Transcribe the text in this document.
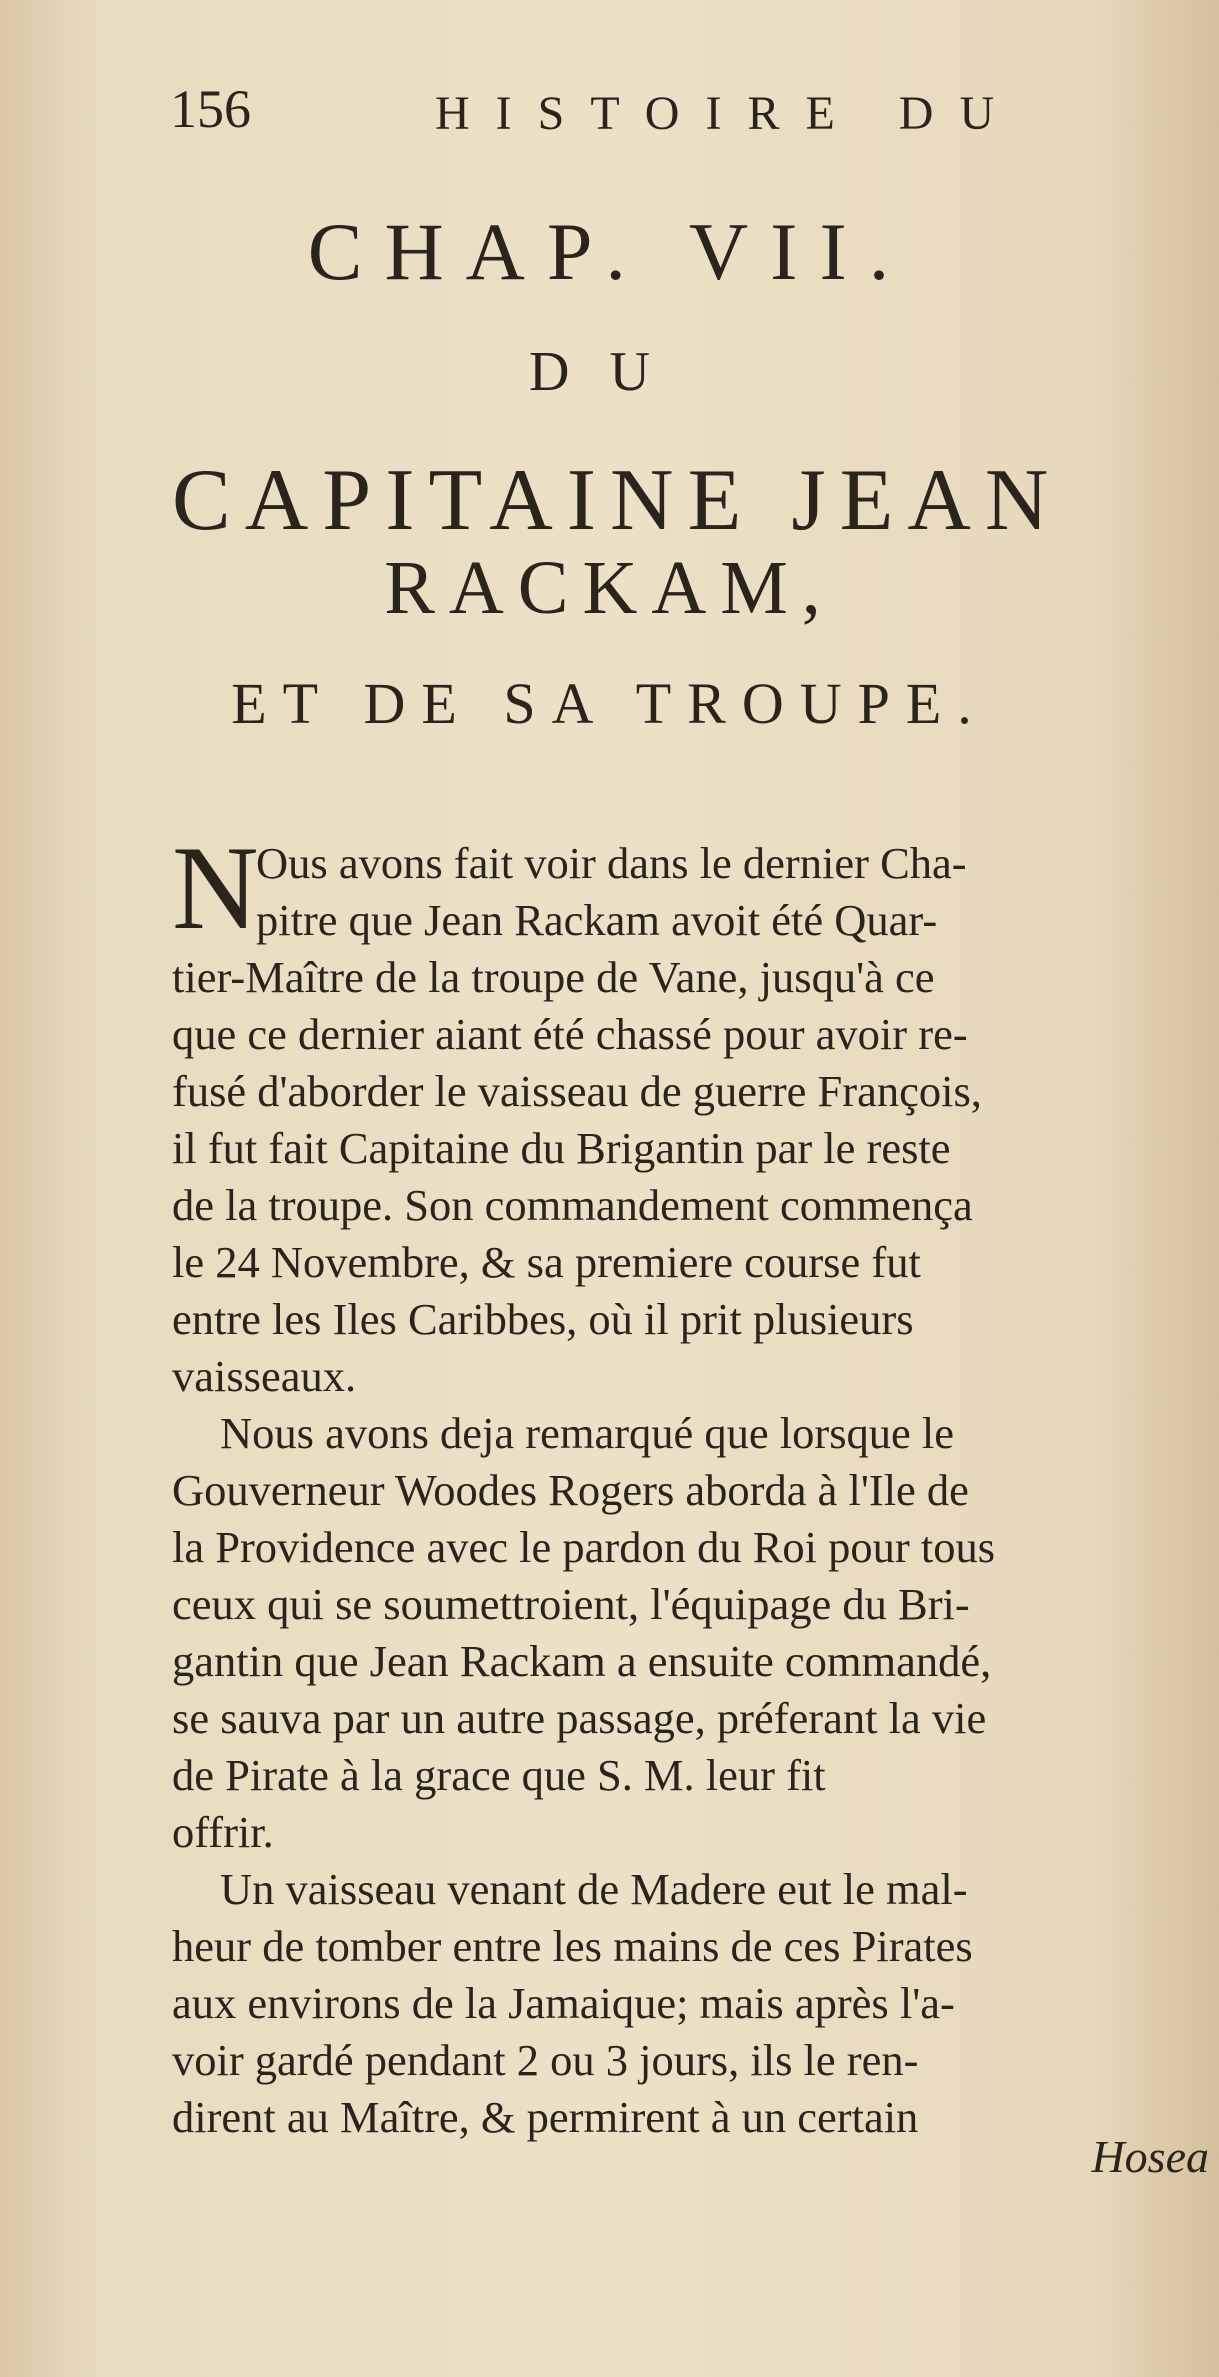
156	HISTOIRE DU
CHAP. VII.
DU
CAPITAINE JEAN
RACKAM,
ET DE SA TROUPE.
N
Ous avons fait voir dans le dernier Cha-
pitre que Jean Rackam avoit été Quar-
tier-Maître de la troupe de Vane, jusqu'à ce
que ce dernier aiant été chassé pour avoir re-
fusé d'aborder le vaisseau de guerre François,
il fut fait Capitaine du Brigantin par le reste
de la troupe. Son commandement commença
le 24 Novembre, & sa premiere course fut
entre les Iles Caribbes, où il prit plusieurs
vaisseaux.
Nous avons deja remarqué que lorsque le
Gouverneur Woodes Rogers aborda à l'Ile de
la Providence avec le pardon du Roi pour tous
ceux qui se soumettroient, l'équipage du Bri-
gantin que Jean Rackam a ensuite commandé,
se sauva par un autre passage, préferant la vie
de Pirate à la grace que S. M. leur fit
offrir.
Un vaisseau venant de Madere eut le mal-
heur de tomber entre les mains de ces Pirates
aux environs de la Jamaique; mais après l'a-
voir gardé pendant 2 ou 3 jours, ils le ren-
dirent au Maître, & permirent à un certain
Hosea
